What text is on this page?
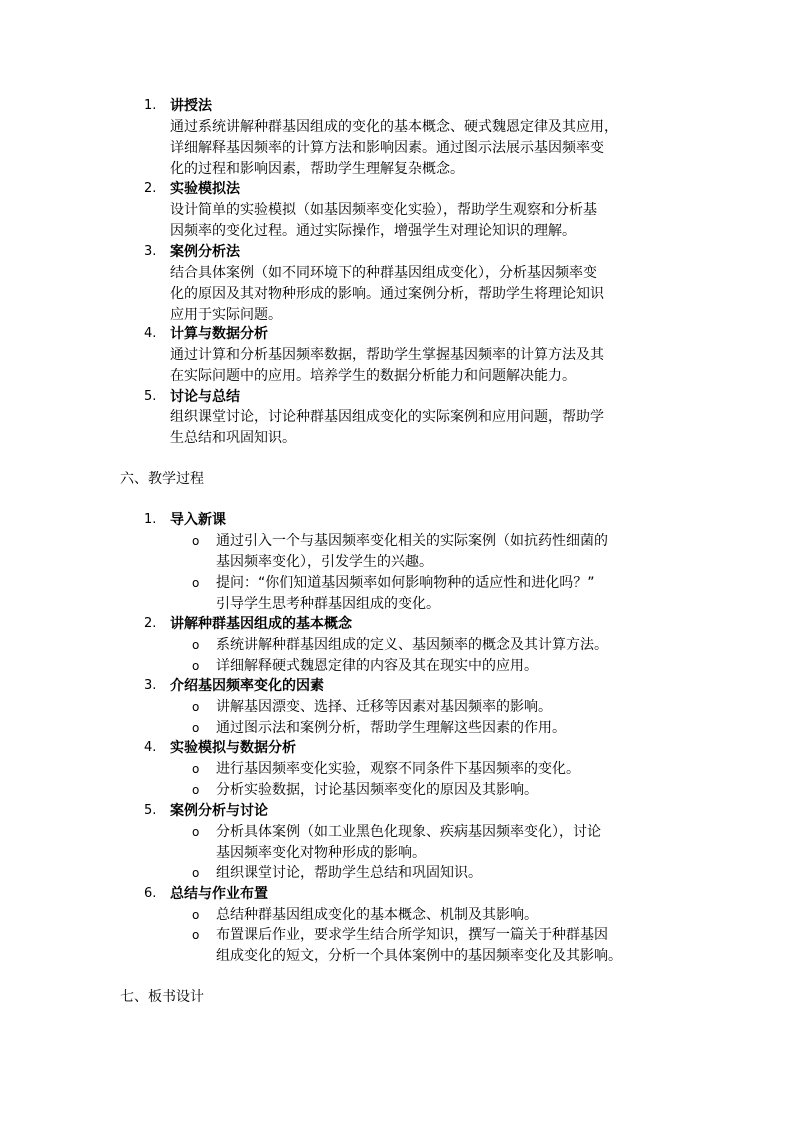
1. 讲授法
通过系统讲解种群基因组成的变化的基本概念、硬式魏恩定律及其应用，
详细解释基因频率的计算方法和影响因素。通过图示法展示基因频率变
化的过程和影响因素，帮助学生理解复杂概念。
2. 实验模拟法
设计简单的实验模拟（如基因频率变化实验），帮助学生观察和分析基
因频率的变化过程。通过实际操作，增强学生对理论知识的理解。
3. 案例分析法
结合具体案例（如不同环境下的种群基因组成变化），分析基因频率变
化的原因及其对物种形成的影响。通过案例分析，帮助学生将理论知识
应用于实际问题。
4. 计算与数据分析
通过计算和分析基因频率数据，帮助学生掌握基因频率的计算方法及其
在实际问题中的应用。培养学生的数据分析能力和问题解决能力。
5. 讨论与总结
组织课堂讨论，讨论种群基因组成变化的实际案例和应用问题，帮助学
生总结和巩固知识。
六、教学过程
1. 导入新课
o 通过引入一个与基因频率变化相关的实际案例（如抗药性细菌的
基因频率变化），引发学生的兴趣。
o 提问：“你们知道基因频率如何影响物种的适应性和进化吗？”
引导学生思考种群基因组成的变化。
2. 讲解种群基因组成的基本概念
o 系统讲解种群基因组成的定义、基因频率的概念及其计算方法。
o 详细解释硬式魏恩定律的内容及其在现实中的应用。
3. 介绍基因频率变化的因素
o 讲解基因漂变、选择、迁移等因素对基因频率的影响。
o 通过图示法和案例分析，帮助学生理解这些因素的作用。
4. 实验模拟与数据分析
o 进行基因频率变化实验，观察不同条件下基因频率的变化。
o 分析实验数据，讨论基因频率变化的原因及其影响。
5. 案例分析与讨论
o 分析具体案例（如工业黑色化现象、疾病基因频率变化），讨论
基因频率变化对物种形成的影响。
o 组织课堂讨论，帮助学生总结和巩固知识。
6. 总结与作业布置
o 总结种群基因组成变化的基本概念、机制及其影响。
o 布置课后作业，要求学生结合所学知识，撰写一篇关于种群基因
组成变化的短文，分析一个具体案例中的基因频率变化及其影响。
七、板书设计
